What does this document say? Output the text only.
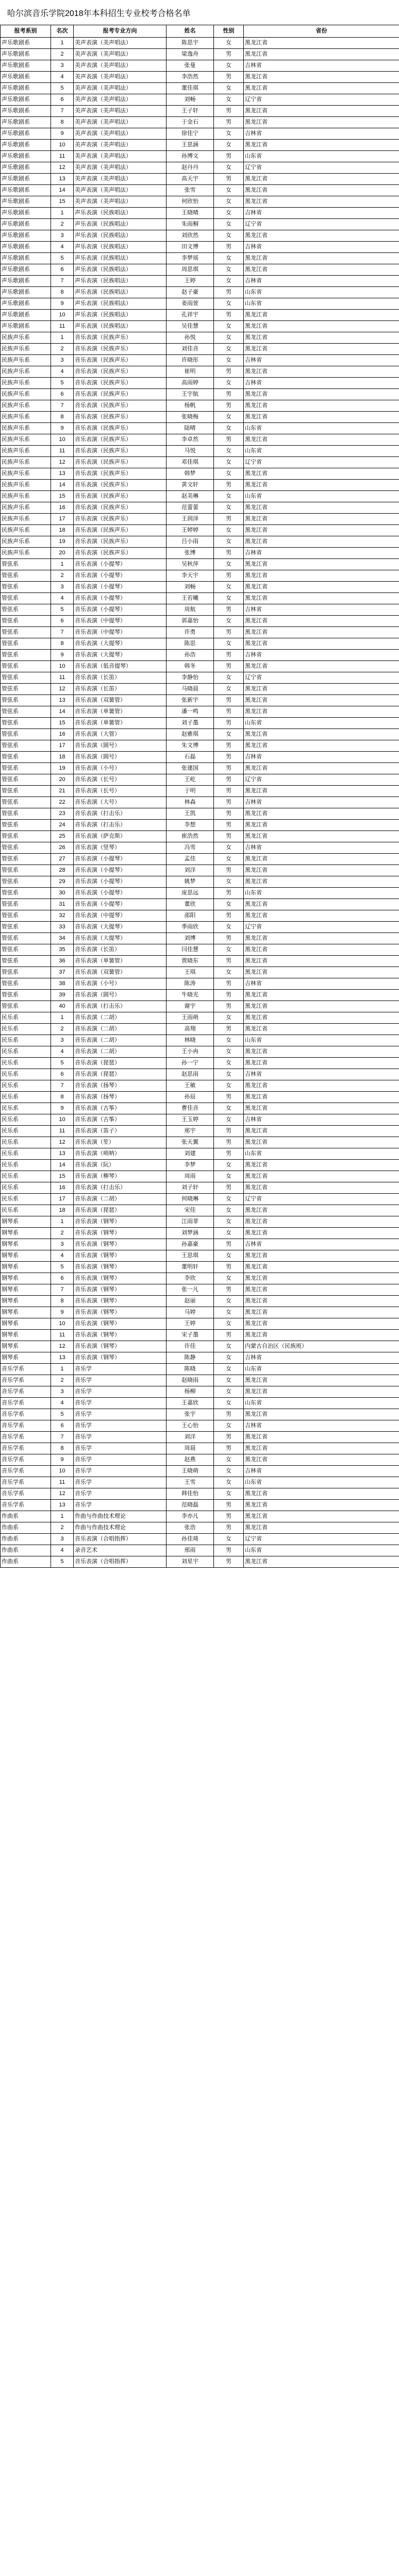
哈尔滨音乐学院2018年本科招生专业校考合格名单
报考系别	名次	报考专业方向	姓名	性别	省份
声乐歌剧系	1	美声表演（美声唱法）	陈思宇	女	黑龙江省
声乐歌剧系	2	美声表演（美声唱法）	梁逸舟	男	黑龙江省
声乐歌剧系	3	美声表演（美声唱法）	张曼	女	吉林省
声乐歌剧系	4	美声表演（美声唱法）	李浩然	男	黑龙江省
声乐歌剧系	5	美声表演（美声唱法）	董佳琪	女	黑龙江省
声乐歌剧系	6	美声表演（美声唱法）	刘畅	女	辽宁省
声乐歌剧系	7	美声表演（美声唱法）	王子轩	男	黑龙江省
声乐歌剧系	8	美声表演（美声唱法）	于金石	男	黑龙江省
声乐歌剧系	9	美声表演（美声唱法）	徐佳宁	女	吉林省
声乐歌剧系	10	美声表演（美声唱法）	王思涵	女	黑龙江省
声乐歌剧系	11	美声表演（美声唱法）	孙博文	男	山东省
声乐歌剧系	12	美声表演（美声唱法）	赵丹丹	女	辽宁省
声乐歌剧系	13	美声表演（美声唱法）	高天宇	男	黑龙江省
声乐歌剧系	14	美声表演（美声唱法）	张雪	女	黑龙江省
声乐歌剧系	15	美声表演（美声唱法）	何欣怡	女	黑龙江省
声乐歌剧系	1	声乐表演（民族唱法）	王晓晴	女	吉林省
声乐歌剧系	2	声乐表演（民族唱法）	朱雨桐	女	辽宁省
声乐歌剧系	3	声乐表演（民族唱法）	刘欣然	女	黑龙江省
声乐歌剧系	4	声乐表演（民族唱法）	田文博	男	吉林省
声乐歌剧系	5	声乐表演（民族唱法）	李梦瑶	女	黑龙江省
声乐歌剧系	6	声乐表演（民族唱法）	周思琪	女	黑龙江省
声乐歌剧系	7	声乐表演（民族唱法）	王婷	女	吉林省
声乐歌剧系	8	声乐表演（民族唱法）	赵子豪	男	山东省
声乐歌剧系	9	声乐表演（民族唱法）	姜雨萱	女	山东省
声乐歌剧系	10	声乐表演（民族唱法）	孔祥宇	男	黑龙江省
声乐歌剧系	11	声乐表演（民族唱法）	吴佳慧	女	黑龙江省
民族声乐系	1	音乐表演（民族声乐）	孙悦	女	黑龙江省
民族声乐系	2	音乐表演（民族声乐）	刘佳音	女	黑龙江省
民族声乐系	3	音乐表演（民族声乐）	许晓彤	女	吉林省
民族声乐系	4	音乐表演（民族声乐）	崔明	男	黑龙江省
民族声乐系	5	音乐表演（民族声乐）	高雨婷	女	吉林省
民族声乐系	6	音乐表演（民族声乐）	王宇航	男	黑龙江省
民族声乐系	7	音乐表演（民族声乐）	杨帆	男	黑龙江省
民族声乐系	8	音乐表演（民族声乐）	张晓梅	女	黑龙江省
民族声乐系	9	音乐表演（民族声乐）	陆晴	女	山东省
民族声乐系	10	音乐表演（民族声乐）	李卓然	男	黑龙江省
民族声乐系	11	音乐表演（民族声乐）	马悦	女	山东省
民族声乐系	12	音乐表演（民族声乐）	邓佳琪	女	辽宁省
民族声乐系	13	音乐表演（民族声乐）	韩梦	女	黑龙江省
民族声乐系	14	音乐表演（民族声乐）	黄文轩	男	黑龙江省
民族声乐系	15	音乐表演（民族声乐）	赵美琳	女	山东省
民族声乐系	16	音乐表演（民族声乐）	范蕾蕾	女	黑龙江省
民族声乐系	17	音乐表演（民族声乐）	王润泽	男	黑龙江省
民族声乐系	18	音乐表演（民族声乐）	王婷婷	女	黑龙江省
民族声乐系	19	音乐表演（民族声乐）	吕小雨	女	黑龙江省
民族声乐系	20	音乐表演（民族声乐）	张博	男	吉林省
管弦系	1	音乐表演（小提琴）	吴秋萍	女	黑龙江省
管弦系	2	音乐表演（小提琴）	李天宇	男	黑龙江省
管弦系	3	音乐表演（小提琴）	刘畅	女	黑龙江省
管弦系	4	音乐表演（小提琴）	王若曦	女	黑龙江省
管弦系	5	音乐表演（小提琴）	周航	男	吉林省
管弦系	6	音乐表演（中提琴）	郭嘉怡	女	黑龙江省
管弦系	7	音乐表演（中提琴）	许勇	男	黑龙江省
管弦系	8	音乐表演（大提琴）	陈思	女	黑龙江省
管弦系	9	音乐表演（大提琴）	孙浩	男	吉林省
管弦系	10	音乐表演（低音提琴）	韩冬	男	黑龙江省
管弦系	11	音乐表演（长笛）	李静怡	女	辽宁省
管弦系	12	音乐表演（长笛）	马晓晨	女	黑龙江省
管弦系	13	音乐表演（双簧管）	张新宇	男	黑龙江省
管弦系	14	音乐表演（单簧管）	潘一鸣	男	黑龙江省
管弦系	15	音乐表演（单簧管）	刘子墨	男	山东省
管弦系	16	音乐表演（大管）	赵雅琪	女	黑龙江省
管弦系	17	音乐表演（圆号）	朱文博	男	黑龙江省
管弦系	18	音乐表演（圆号）	石磊	男	吉林省
管弦系	19	音乐表演（小号）	张建国	男	黑龙江省
管弦系	20	音乐表演（长号）	王屹	男	辽宁省
管弦系	21	音乐表演（长号）	于明	男	黑龙江省
管弦系	22	音乐表演（大号）	林森	男	吉林省
管弦系	23	音乐表演（打击乐）	王凯	男	黑龙江省
管弦系	24	音乐表演（打击乐）	李想	男	黑龙江省
管弦系	25	音乐表演（萨克斯）	崔浩然	男	黑龙江省
管弦系	26	音乐表演（竖琴）	冯雪	女	吉林省
管弦系	27	音乐表演（小提琴）	孟佳	女	黑龙江省
管弦系	28	音乐表演（小提琴）	刘洋	男	黑龙江省
管弦系	29	音乐表演（小提琴）	姚梦	女	黑龙江省
管弦系	30	音乐表演（小提琴）	庞思远	男	山东省
管弦系	31	音乐表演（小提琴）	董欣	女	黑龙江省
管弦系	32	音乐表演（中提琴）	邵阳	男	黑龙江省
管弦系	33	音乐表演（大提琴）	季雨欣	女	辽宁省
管弦系	34	音乐表演（大提琴）	刘博	男	黑龙江省
管弦系	35	音乐表演（长笛）	闫佳慧	女	黑龙江省
管弦系	36	音乐表演（单簧管）	贾晓东	男	黑龙江省
管弦系	37	音乐表演（双簧管）	王琪	女	黑龙江省
管弦系	38	音乐表演（小号）	陈涛	男	吉林省
管弦系	39	音乐表演（圆号）	牛晓光	男	黑龙江省
管弦系	40	音乐表演（打击乐）	谢宇	男	黑龙江省
民乐系	1	音乐表演（二胡）	王雨萌	女	黑龙江省
民乐系	2	音乐表演（二胡）	高翔	男	黑龙江省
民乐系	3	音乐表演（二胡）	林晓	女	山东省
民乐系	4	音乐表演（二胡）	王小冉	女	黑龙江省
民乐系	5	音乐表演（琵琶）	孙一宁	女	黑龙江省
民乐系	6	音乐表演（琵琶）	赵思雨	女	吉林省
民乐系	7	音乐表演（扬琴）	王敏	女	黑龙江省
民乐系	8	音乐表演（扬琴）	孙辰	男	黑龙江省
民乐系	9	音乐表演（古筝）	曹佳音	女	黑龙江省
民乐系	10	音乐表演（古筝）	王玉婷	女	吉林省
民乐系	11	音乐表演（笛子）	邢宇	男	黑龙江省
民乐系	12	音乐表演（笙）	张天翼	男	黑龙江省
民乐系	13	音乐表演（唢呐）	刘建	男	山东省
民乐系	14	音乐表演（阮）	李梦	女	黑龙江省
民乐系	15	音乐表演（柳琴）	周雨	女	黑龙江省
民乐系	16	音乐表演（打击乐）	刘子轩	男	黑龙江省
民乐系	17	音乐表演（二胡）	何晓琳	女	辽宁省
民乐系	18	音乐表演（琵琶）	宋佳	女	黑龙江省
钢琴系	1	音乐表演（钢琴）	江雨菲	女	黑龙江省
钢琴系	2	音乐表演（钢琴）	刘梦涵	女	黑龙江省
钢琴系	3	音乐表演（钢琴）	孙嘉豪	男	吉林省
钢琴系	4	音乐表演（钢琴）	王思琪	女	黑龙江省
钢琴系	5	音乐表演（钢琴）	董明轩	男	黑龙江省
钢琴系	6	音乐表演（钢琴）	李欣	女	黑龙江省
钢琴系	7	音乐表演（钢琴）	张一凡	男	黑龙江省
钢琴系	8	音乐表演（钢琴）	赵丽	女	黑龙江省
钢琴系	9	音乐表演（钢琴）	马婷	女	黑龙江省
钢琴系	10	音乐表演（钢琴）	王婷	女	黑龙江省
钢琴系	11	音乐表演（钢琴）	宋子墨	男	黑龙江省
钢琴系	12	音乐表演（钢琴）	许佳	女	内蒙古自治区（民族班）
钢琴系	13	音乐表演（钢琴）	陈静	女	吉林省
音乐学系	1	音乐学	陈晓	女	山东省
音乐学系	2	音乐学	赵晓雨	女	黑龙江省
音乐学系	3	音乐学	杨柳	女	黑龙江省
音乐学系	4	音乐学	王嘉欣	女	山东省
音乐学系	5	音乐学	张宇	男	黑龙江省
音乐学系	6	音乐学	王心怡	女	吉林省
音乐学系	7	音乐学	刘洋	男	黑龙江省
音乐学系	8	音乐学	周晨	男	黑龙江省
音乐学系	9	音乐学	赵燕	女	黑龙江省
音乐学系	10	音乐学	王晓萌	女	吉林省
音乐学系	11	音乐学	王雪	女	山东省
音乐学系	12	音乐学	韩佳怡	女	黑龙江省
音乐学系	13	音乐学	范晓磊	男	黑龙江省
作曲系	1	作曲与作曲技术理论	李亦凡	男	黑龙江省
作曲系	2	作曲与作曲技术理论	张浩	男	黑龙江省
作曲系	3	音乐表演（合唱指挥）	孙佳琦	女	辽宁省
作曲系	4	录音艺术	邢雨	男	山东省
作曲系	5	音乐表演（合唱指挥）	刘星宇	男	黑龙江省
